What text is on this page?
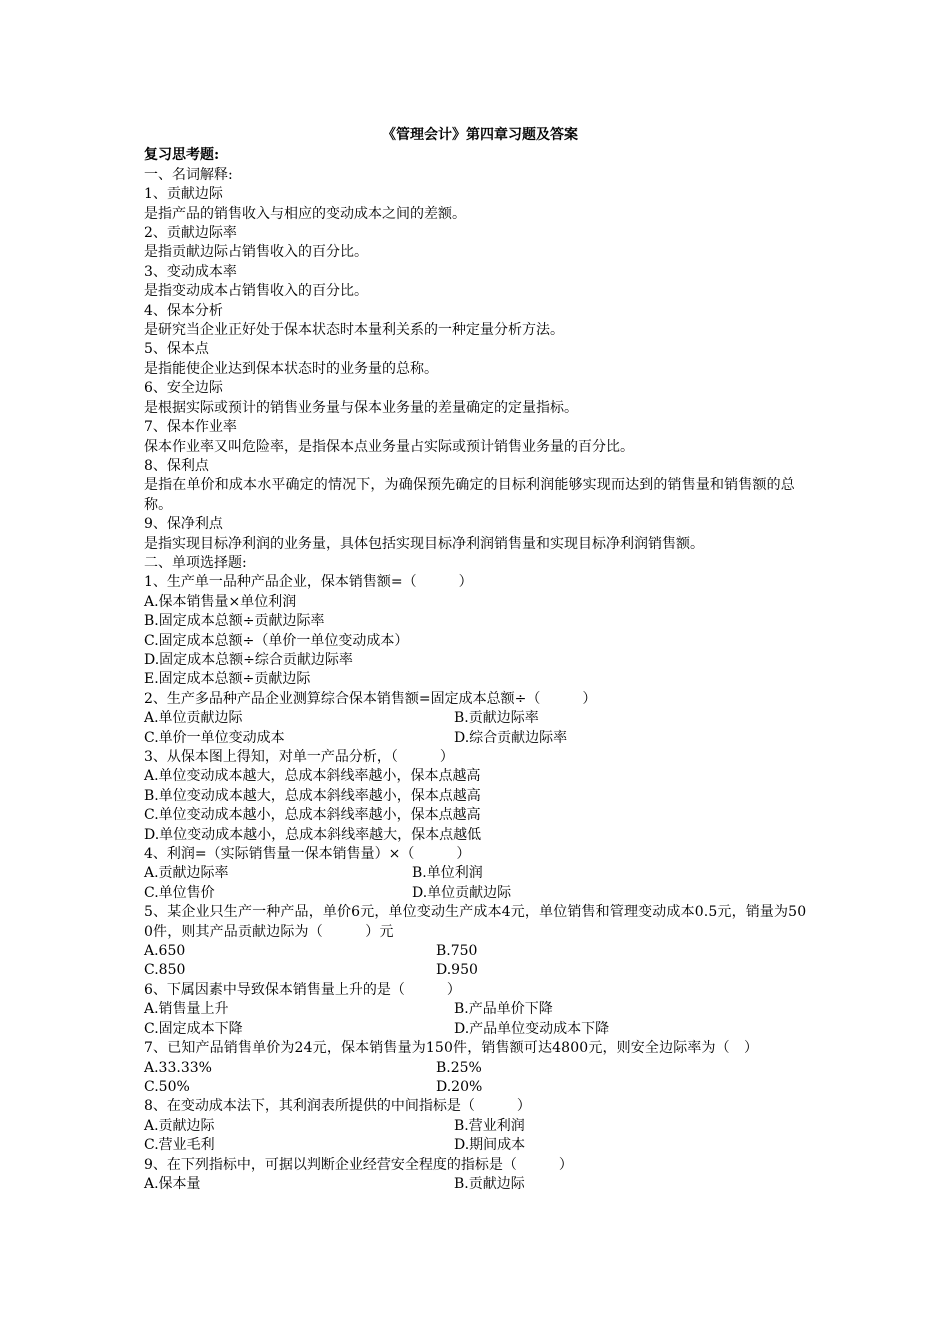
《管理会计》第四章习题及答案
复习思考题:
一、名词解释:
1、贡献边际
是指产品的销售收入与相应的变动成本之间的差额。
2、贡献边际率
是指贡献边际占销售收入的百分比。
3、变动成本率
是指变动成本占销售收入的百分比。
4、保本分析
是研究当企业正好处于保本状态时本量利关系的一种定量分析方法。
5、保本点
是指能使企业达到保本状态时的业务量的总称。
6、安全边际
是根据实际或预计的销售业务量与保本业务量的差量确定的定量指标。
7、保本作业率
保本作业率又叫危险率，是指保本点业务量占实际或预计销售业务量的百分比。
8、保利点
是指在单价和成本水平确定的情况下，为确保预先确定的目标利润能够实现而达到的销售量和销售额的总称。
9、保净利点
是指实现目标净利润的业务量，具体包括实现目标净利润销售量和实现目标净利润销售额。
二、单项选择题:
1、生产单一品种产品企业，保本销售额=（　　　）
A.保本销售量×单位利润
B.固定成本总额÷贡献边际率
C.固定成本总额÷（单价一单位变动成本）
D.固定成本总额÷综合贡献边际率
E.固定成本总额÷贡献边际
2、生产多品种产品企业测算综合保本销售额=固定成本总额÷（　　　）
A.单位贡献边际	B.贡献边际率
C.单价一单位变动成本	D.综合贡献边际率
3、从保本图上得知，对单一产品分析，（　　　）
A.单位变动成本越大，总成本斜线率越小，保本点越高
B.单位变动成本越大，总成本斜线率越小，保本点越高
C.单位变动成本越小，总成本斜线率越小，保本点越高
D.单位变动成本越小，总成本斜线率越大，保本点越低
4、利润=（实际销售量一保本销售量）×（　　　）
A.贡献边际率	B.单位利润
C.单位售价	D.单位贡献边际
5、某企业只生产一种产品，单价6元，单位变动生产成本4元，单位销售和管理变动成本0.5元，销量为500件，则其产品贡献边际为（　　　）元
A.650	B.750
C.850	D.950
6、下属因素中导致保本销售量上升的是（　　　）
A.销售量上升	B.产品单价下降
C.固定成本下降	D.产品单位变动成本下降
7、已知产品销售单价为24元，保本销售量为150件，销售额可达4800元，则安全边际率为（　）
A.33.33%	B.25%
C.50%	D.20%
8、在变动成本法下，其利润表所提供的中间指标是（　　　）
A.贡献边际	B.营业利润
C.营业毛利	D.期间成本
9、在下列指标中，可据以判断企业经营安全程度的指标是（　　　）
A.保本量	B.贡献边际
